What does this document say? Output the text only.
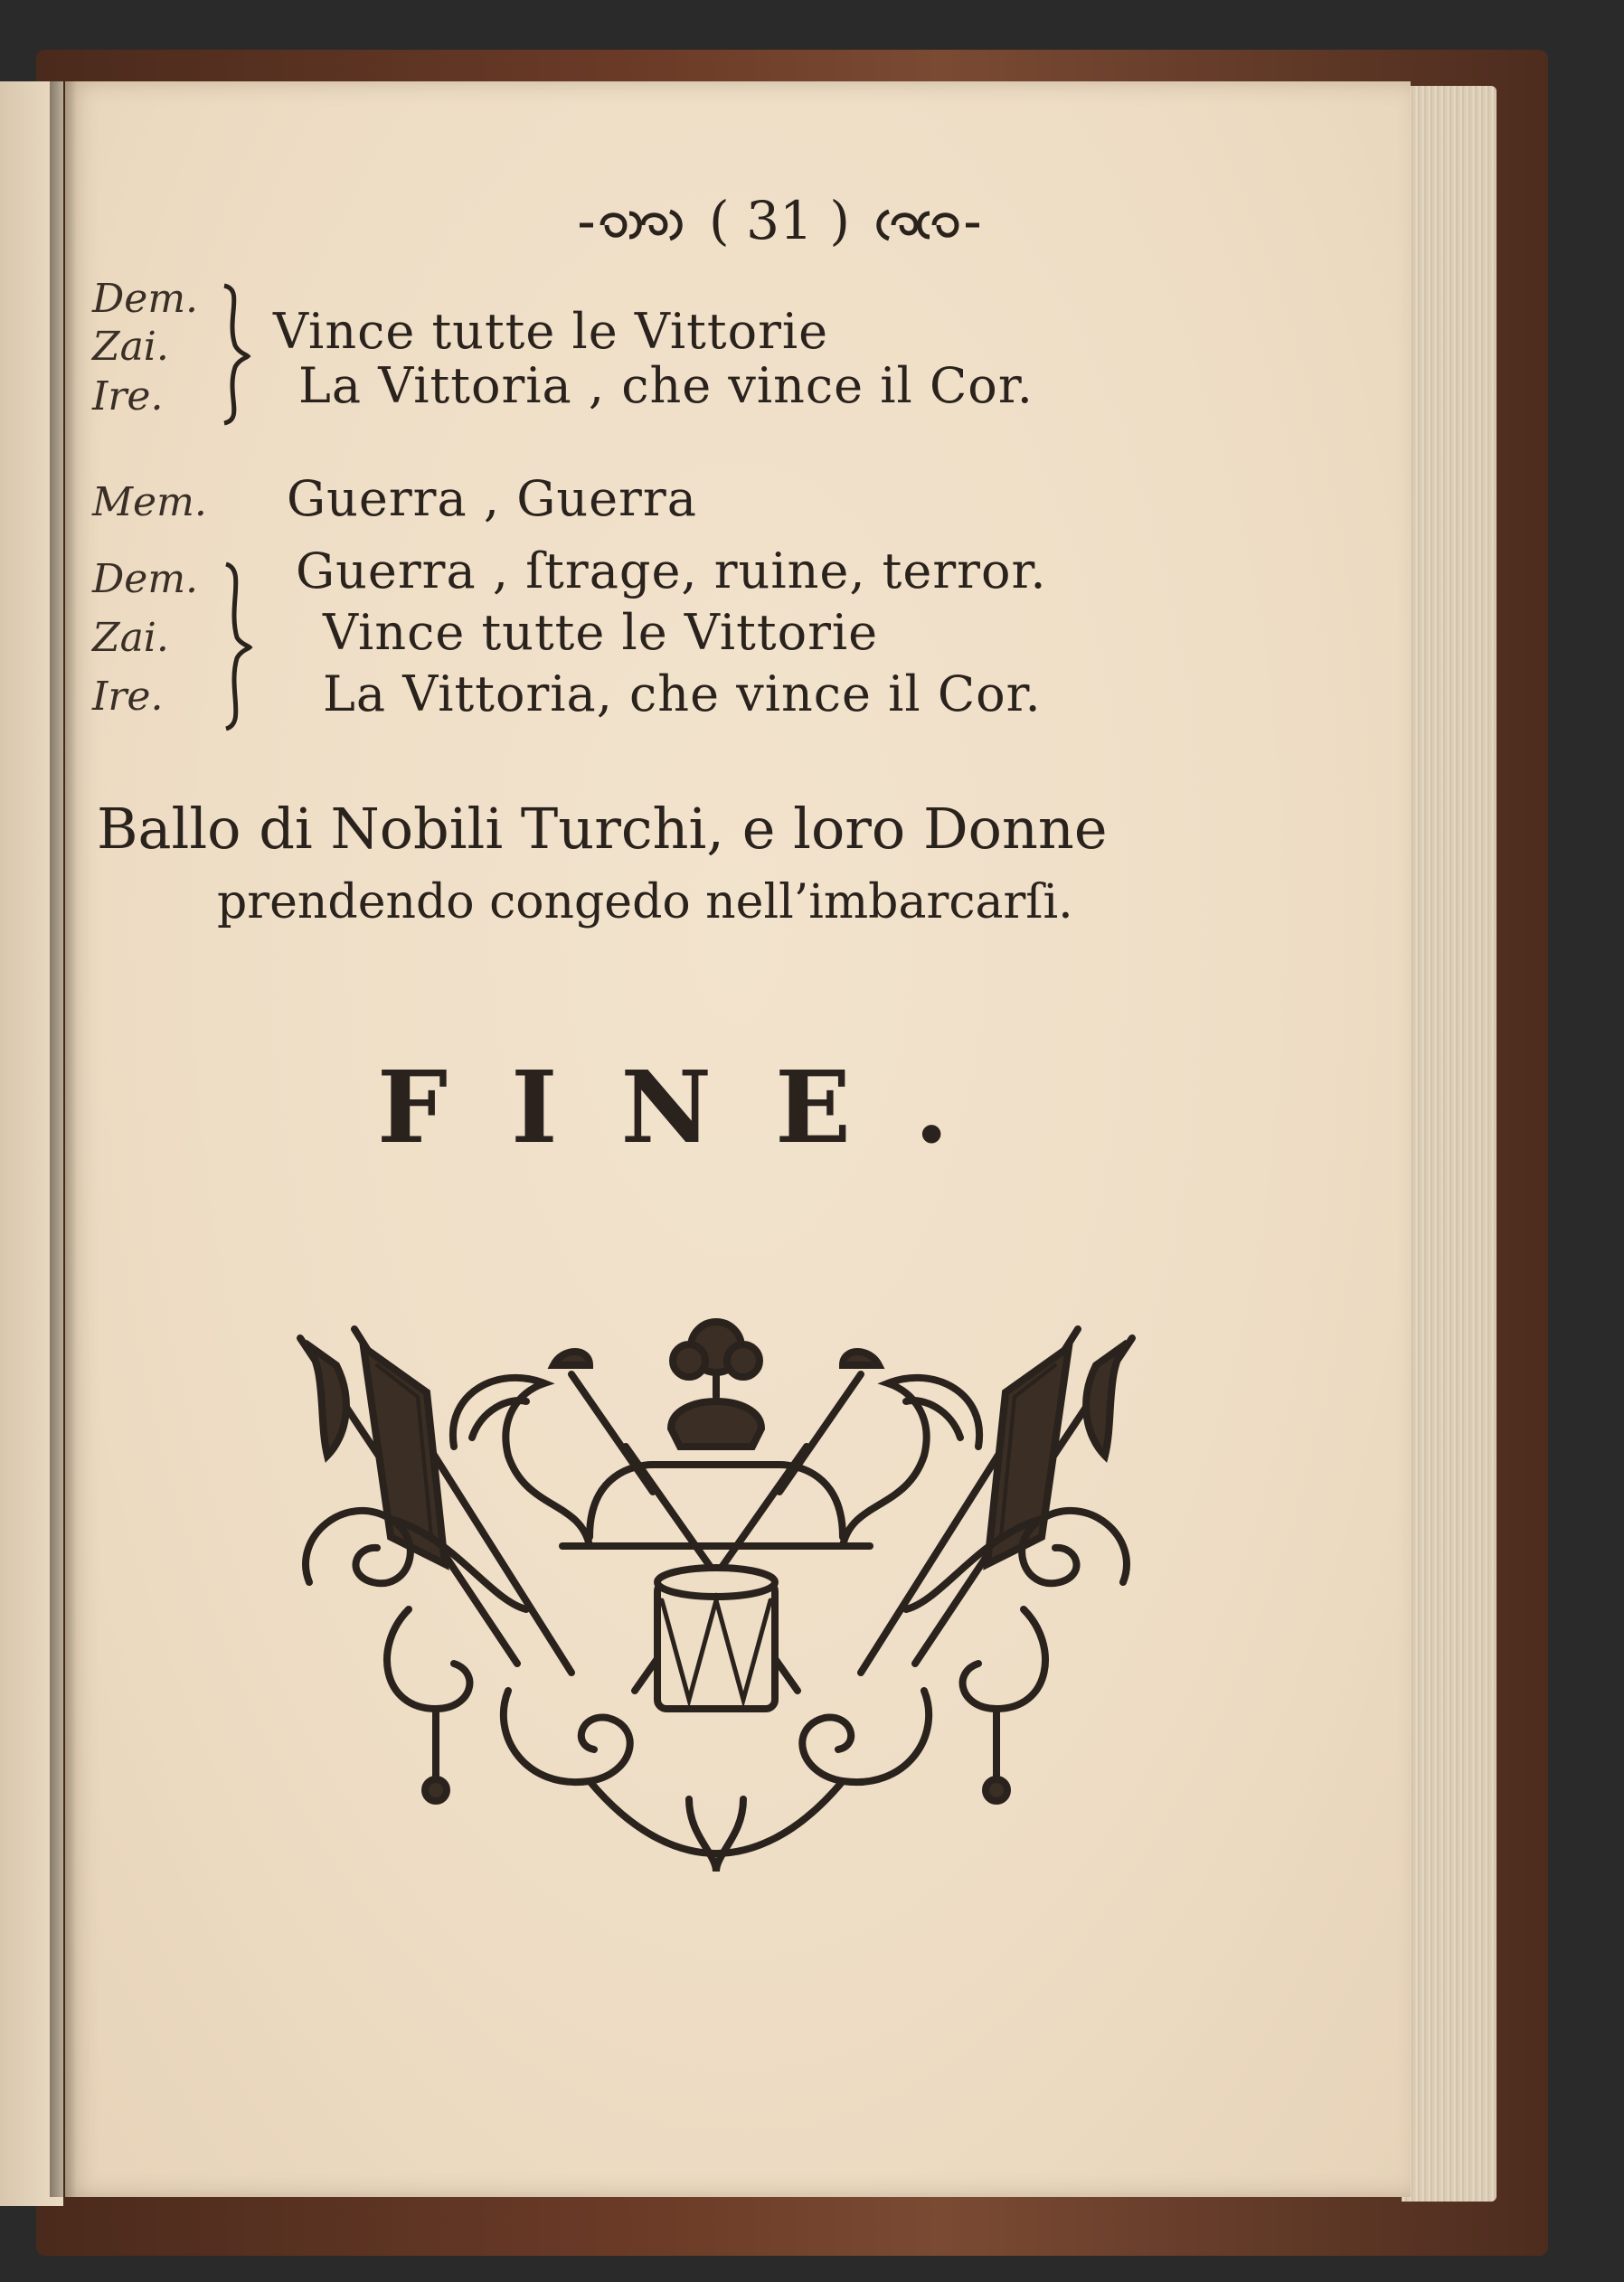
( 31 )
Dem.
Zai.
Ire.
Vince tutte le Vittorie
La Vittoria , che vince il Cor.
Mem. Guerra , Guerra
Dem.
Zai.
Ire.
Guerra , ſtrage, ruine, terror.
Vince tutte le Vittorie
La Vittoria, che vince il Cor.
Ballo di Nobili Turchi, e loro Donne
prendendo congedo nell’imbarcarſi.
FINE.
